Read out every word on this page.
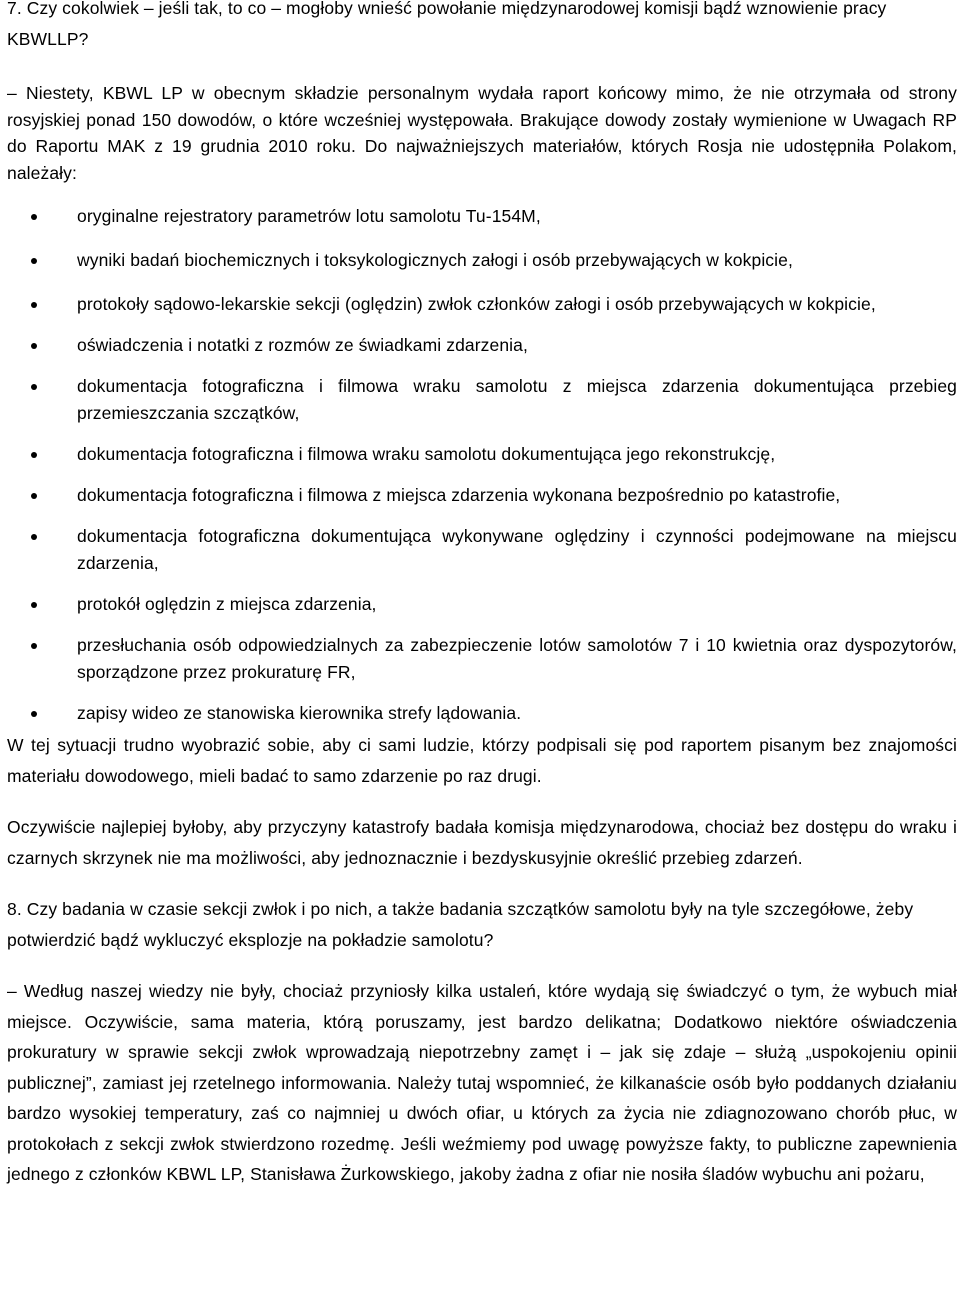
7. Czy cokolwiek – jeśli tak, to co – mogłoby wnieść powołanie międzynarodowej komisji bądź wznowienie pracy KBWLLP?

– Niestety, KBWL LP w obecnym składzie personalnym wydała raport końcowy mimo, że nie otrzymała od strony rosyjskiej ponad 150 dowodów, o które wcześniej występowała. Brakujące dowody zostały wymienione w Uwagach RP do Raportu MAK z 19 grudnia 2010 roku. Do najważniejszych materiałów, których Rosja nie udostępniła Polakom, należały:

oryginalne rejestratory parametrów lotu samolotu Tu-154M,
wyniki badań biochemicznych i toksykologicznych załogi i osób przebywających w kokpicie,
protokoły sądowo-lekarskie sekcji (oględzin) zwłok członków załogi i osób przebywających w kokpicie,
oświadczenia i notatki z rozmów ze świadkami zdarzenia,
dokumentacja fotograficzna i filmowa wraku samolotu z miejsca zdarzenia dokumentująca przebieg przemieszczania szczątków,
dokumentacja fotograficzna i filmowa wraku samolotu dokumentująca jego rekonstrukcję,
dokumentacja fotograficzna i filmowa z miejsca zdarzenia wykonana bezpośrednio po katastrofie,
dokumentacja fotograficzna dokumentująca wykonywane oględziny i czynności podejmowane na miejscu zdarzenia,
protokół oględzin z miejsca zdarzenia,
przesłuchania osób odpowiedzialnych za zabezpieczenie lotów samolotów 7 i 10 kwietnia oraz dyspozytorów, sporządzone przez prokuraturę FR,
zapisy wideo ze stanowiska kierownika strefy lądowania.

W tej sytuacji trudno wyobrazić sobie, aby ci sami ludzie, którzy podpisali się pod raportem pisanym bez znajomości materiału dowodowego, mieli badać to samo zdarzenie po raz drugi.

Oczywiście najlepiej byłoby, aby przyczyny katastrofy badała komisja międzynarodowa, chociaż bez dostępu do wraku i czarnych skrzynek nie ma możliwości, aby jednoznacznie i bezdyskusyjnie określić przebieg zdarzeń.

8. Czy badania w czasie sekcji zwłok i po nich, a także badania szczątków samolotu były na tyle szczegółowe, żeby potwierdzić bądź wykluczyć eksplozje na pokładzie samolotu?

– Według naszej wiedzy nie były, chociaż przyniosły kilka ustaleń, które wydają się świadczyć o tym, że wybuch miał miejsce. Oczywiście, sama materia, którą poruszamy, jest bardzo delikatna; Dodatkowo niektóre oświadczenia prokuratury w sprawie sekcji zwłok wprowadzają niepotrzebny zamęt i – jak się zdaje – służą „uspokojeniu opinii publicznej”, zamiast jej rzetelnego informowania. Należy tutaj wspomnieć, że kilkanaście osób było poddanych działaniu bardzo wysokiej temperatury, zaś co najmniej u dwóch ofiar, u których za życia nie zdiagnozowano chorób płuc, w protokołach z sekcji zwłok stwierdzono rozedmę. Jeśli weźmiemy pod uwagę powyższe fakty, to publiczne zapewnienia jednego z członków KBWL LP, Stanisława Żurkowskiego, jakoby żadna z ofiar nie nosiła śladów wybuchu ani pożaru,
